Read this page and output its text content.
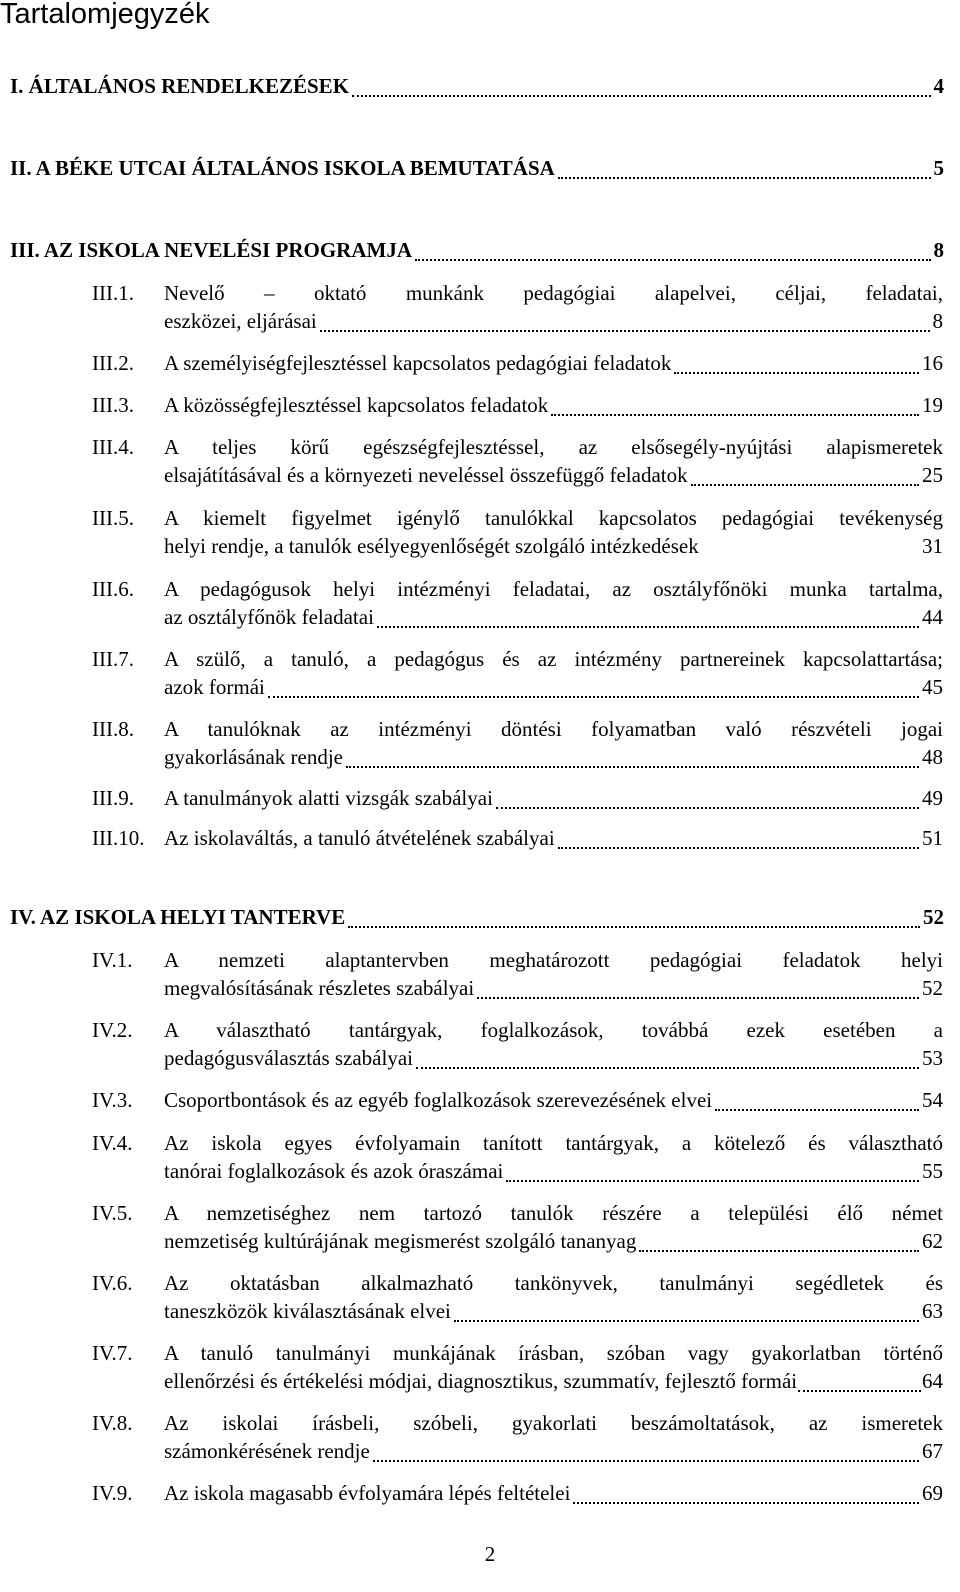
Tartalomjegyzék
I. ÁLTALÁNOS RENDELKEZÉSEK	4
II. A BÉKE UTCAI ÁLTALÁNOS ISKOLA BEMUTATÁSA	5
III. AZ ISKOLA NEVELÉSI PROGRAMJA	8
III.1. Nevelő – oktató munkánk pedagógiai alapelvei, céljai, feladatai,
eszközei, eljárásai	8
III.2. A személyiségfejlesztéssel kapcsolatos pedagógiai feladatok	16
III.3. A közösségfejlesztéssel kapcsolatos feladatok	19
III.4. A teljes körű egészségfejlesztéssel, az elsősegély-nyújtási alapismeretek
elsajátításával és a környezeti neveléssel összefüggő feladatok	25
III.5. A kiemelt figyelmet igénylő tanulókkal kapcsolatos pedagógiai tevékenység
helyi rendje, a tanulók esélyegyenlőségét szolgáló intézkedések	31
III.6. A pedagógusok helyi intézményi feladatai, az osztályfőnöki munka tartalma,
az osztályfőnök feladatai	44
III.7. A szülő, a tanuló, a pedagógus és az intézmény partnereinek kapcsolattartása;
azok formái	45
III.8. A tanulóknak az intézményi döntési folyamatban való részvételi jogai
gyakorlásának rendje	48
III.9. A tanulmányok alatti vizsgák szabályai	49
III.10. Az iskolaváltás, a tanuló átvételének szabályai	51
IV. AZ ISKOLA HELYI TANTERVE	52
IV.1. A nemzeti alaptantervben meghatározott pedagógiai feladatok helyi
megvalósításának részletes szabályai	52
IV.2. A választható tantárgyak, foglalkozások, továbbá ezek esetében a
pedagógusválasztás szabályai	53
IV.3. Csoportbontások és az egyéb foglalkozások szerevezésének elvei	54
IV.4. Az iskola egyes évfolyamain tanított tantárgyak, a kötelező és választható
tanórai foglalkozások és azok óraszámai	55
IV.5. A nemzetiséghez nem tartozó tanulók részére a települési élő német
nemzetiség kultúrájának megismerést szolgáló tananyag	62
IV.6. Az oktatásban alkalmazható tankönyvek, tanulmányi segédletek és
taneszközök kiválasztásának elvei	63
IV.7. A tanuló tanulmányi munkájának írásban, szóban vagy gyakorlatban történő
ellenőrzési és értékelési módjai, diagnosztikus, szummatív, fejlesztő formái	64
IV.8. Az iskolai írásbeli, szóbeli, gyakorlati beszámoltatások, az ismeretek
számonkérésének rendje	67
IV.9. Az iskola magasabb évfolyamára lépés feltételei	69
2
